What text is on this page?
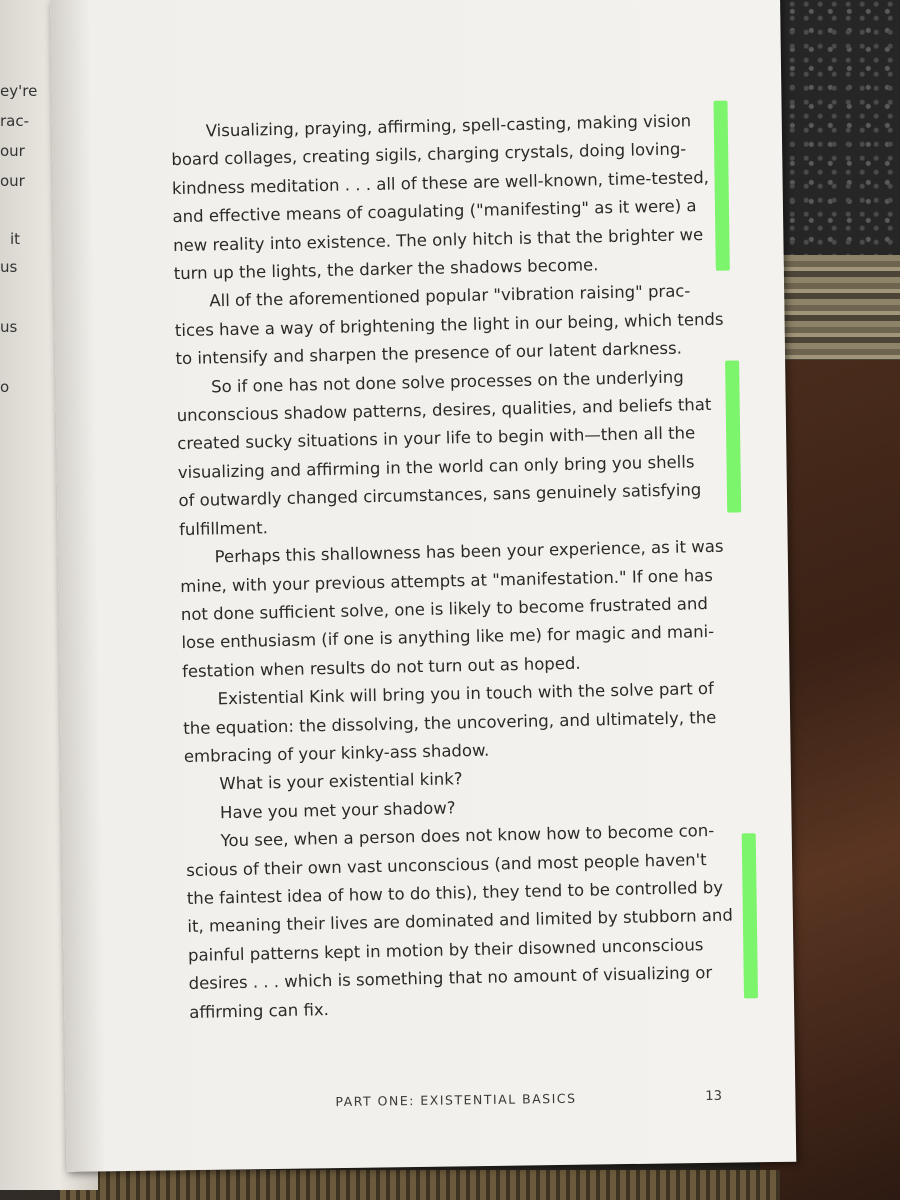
ey're
rac-
our
our
it
us
us
o

Visualizing, praying, affirming, spell-casting, making vision

board collages, creating sigils, charging crystals, doing loving-

kindness meditation . . . all of these are well-known, time-tested,

and effective means of coagulating ("manifesting" as it were) a

new reality into existence. The only hitch is that the brighter we

turn up the lights, the darker the shadows become.

All of the aforementioned popular "vibration raising" prac-

tices have a way of brightening the light in our being, which tends

to intensify and sharpen the presence of our latent darkness.

So if one has not done solve processes on the underlying

unconscious shadow patterns, desires, qualities, and beliefs that

created sucky situations in your life to begin with—then all the

visualizing and affirming in the world can only bring you shells

of outwardly changed circumstances, sans genuinely satisfying

fulfillment.

Perhaps this shallowness has been your experience, as it was

mine, with your previous attempts at "manifestation." If one has

not done sufficient solve, one is likely to become frustrated and

lose enthusiasm (if one is anything like me) for magic and mani-

festation when results do not turn out as hoped.

Existential Kink will bring you in touch with the solve part of

the equation: the dissolving, the uncovering, and ultimately, the

embracing of your kinky-ass shadow.

What is your existential kink?

Have you met your shadow?

You see, when a person does not know how to become con-

scious of their own vast unconscious (and most people haven't

the faintest idea of how to do this), they tend to be controlled by

it, meaning their lives are dominated and limited by stubborn and

painful patterns kept in motion by their disowned unconscious

desires . . . which is something that no amount of visualizing or

affirming can fix.

PART ONE: EXISTENTIAL BASICS	13
